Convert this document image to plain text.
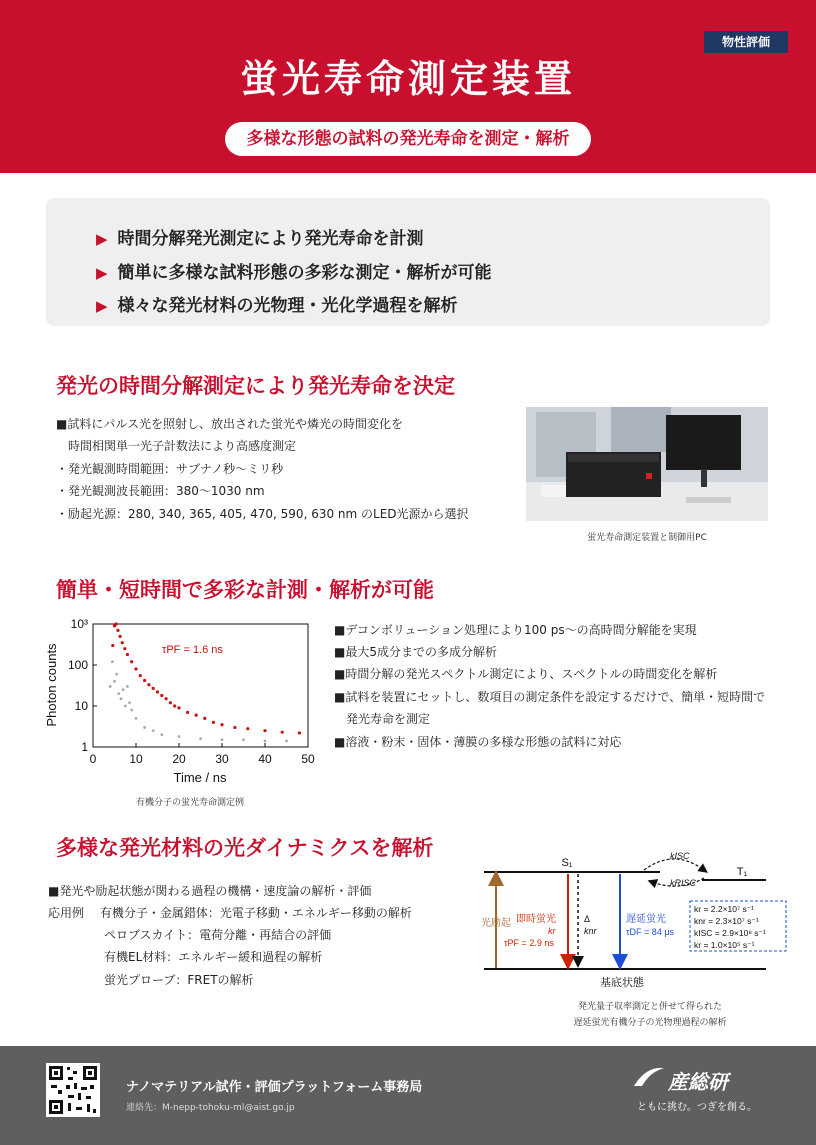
物性評価
蛍光寿命測定装置
多様な形態の試料の発光寿命を測定・解析
▶ 時間分解発光測定により発光寿命を計測
▶ 簡単に多様な試料形態の多彩な測定・解析が可能
▶ 様々な発光材料の光物理・光化学過程を解析
発光の時間分解測定により発光寿命を決定
■試料にパルス光を照射し、放出された蛍光や燐光の時間変化を
時間相関単一光子計数法により高感度測定
・発光観測時間範囲：サブナノ秒～ミリ秒
・発光観測波長範囲：380～1030 nm
・励起光源：280, 340, 365, 405, 470, 590, 630 nm のLED光源から選択
蛍光寿命測定装置と制御用PC
簡単・短時間で多彩な計測・解析が可能
0	10 20 30 40 50
1
10
100
10³
τPF = 1.6 ns
Time / ns
Photon counts
有機分子の蛍光寿命測定例
■デコンボリューション処理により100 ps～の高時間分解能を実現
■最大5成分までの多成分解析
■時間分解の発光スペクトル測定により、スペクトルの時間変化を解析
■試料を装置にセットし、数項目の測定条件を設定するだけで、簡単・短時間で
発光寿命を測定
■溶液・粉末・固体・薄膜の多様な形態の試料に対応
多様な発光材料の光ダイナミクスを解析
■発光や励起状態が関わる過程の機構・速度論の解析・評価
応用例　 有機分子・金属錯体：光電子移動・エネルギー移動の解析
ペロブスカイト：電荷分離・再結合の評価
有機EL材料：エネルギー緩和過程の解析
蛍光プローブ：FRETの解析
S₁
T₁
基底状態
光励起 即時蛍光
kr
τPF = 2.9 ns
Δ
knr
遅延蛍光
τDF = 84 μs
kISC
kRISC
kr = 2.2×10⁷ s⁻¹
knr = 2.3×10⁷ s⁻¹
kISC = 2.9×10⁸ s⁻¹
kr = 1.0×10⁵ s⁻¹
発光量子収率測定と併せて得られた
遅延蛍光有機分子の光物理過程の解析
ナノマテリアル試作・評価プラットフォーム事務局
連絡先：M-nepp-tohoku-ml@aist.go.jp
産総研
ともに挑む。つぎを創る。
